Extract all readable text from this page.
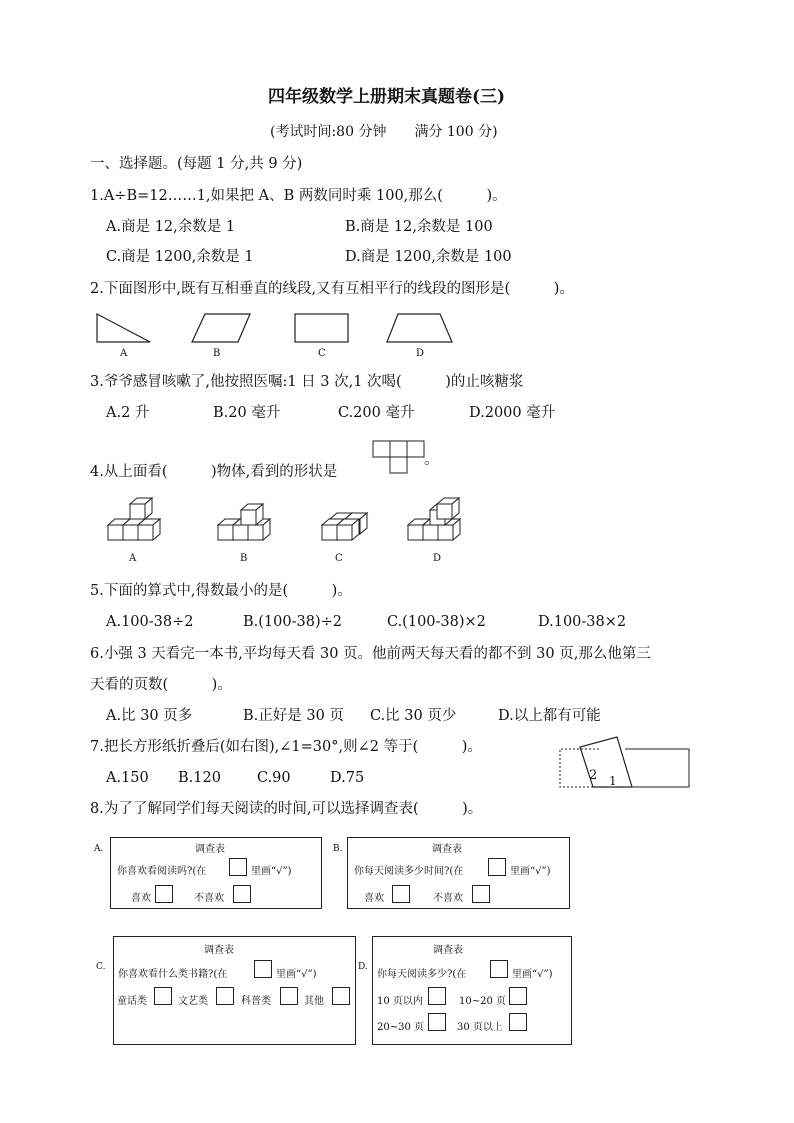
四年级数学上册期末真题卷(三)
(考试时间:80 分钟　　满分 100 分)
一、选择题。(每题 1 分,共 9 分)
1.A÷B=12……1,如果把 A、B 两数同时乘 100,那么(　　　)。
A.商是 12,余数是 1	B.商是 12,余数是 100
C.商是 1200,余数是 1	D.商是 1200,余数是 100
2.下面图形中,既有互相垂直的线段,又有互相平行的线段的图形是(　　　)。
A	B	C	D
3.爷爷感冒咳嗽了,他按照医嘱:1 日 3 次,1 次喝(　　　)的止咳糖浆
A.2 升	B.20 毫升	C.200 毫升	D.2000 毫升
4.从上面看(　　　)物体,看到的形状是
。
A	B	C	D
5.下面的算式中,得数最小的是(　　　)。
A.100-38÷2	B.(100-38)÷2	C.(100-38)×2	D.100-38×2
6.小强 3 天看完一本书,平均每天看 30 页。他前两天每天看的都不到 30 页,那么他第三
天看的页数(　　　)。
A.比 30 页多	B.正好是 30 页 C.比 30 页少	D.以上都有可能
7.把长方形纸折叠后(如右图),∠1=30°,则∠2 等于(　　　)。
A.150 B.120 C.90	D.75	2 1
8.为了了解同学们每天阅读的时间,可以选择调查表(　　　)。
A.	调查表
你喜欢看阅读吗?(在	里画“√”)
喜欢	不喜欢
B.	调查表
你每天阅读多少时间?(在	里画“√”)
喜欢	不喜欢
C.
调查表
你喜欢看什么类书籍?(在	里画“√”)
童话类	文艺类	科普类	其他
D.
调查表
你每天阅读多少?(在	里画“√”)
10 页以内	10~20 页
20~30 页	30 页以上
